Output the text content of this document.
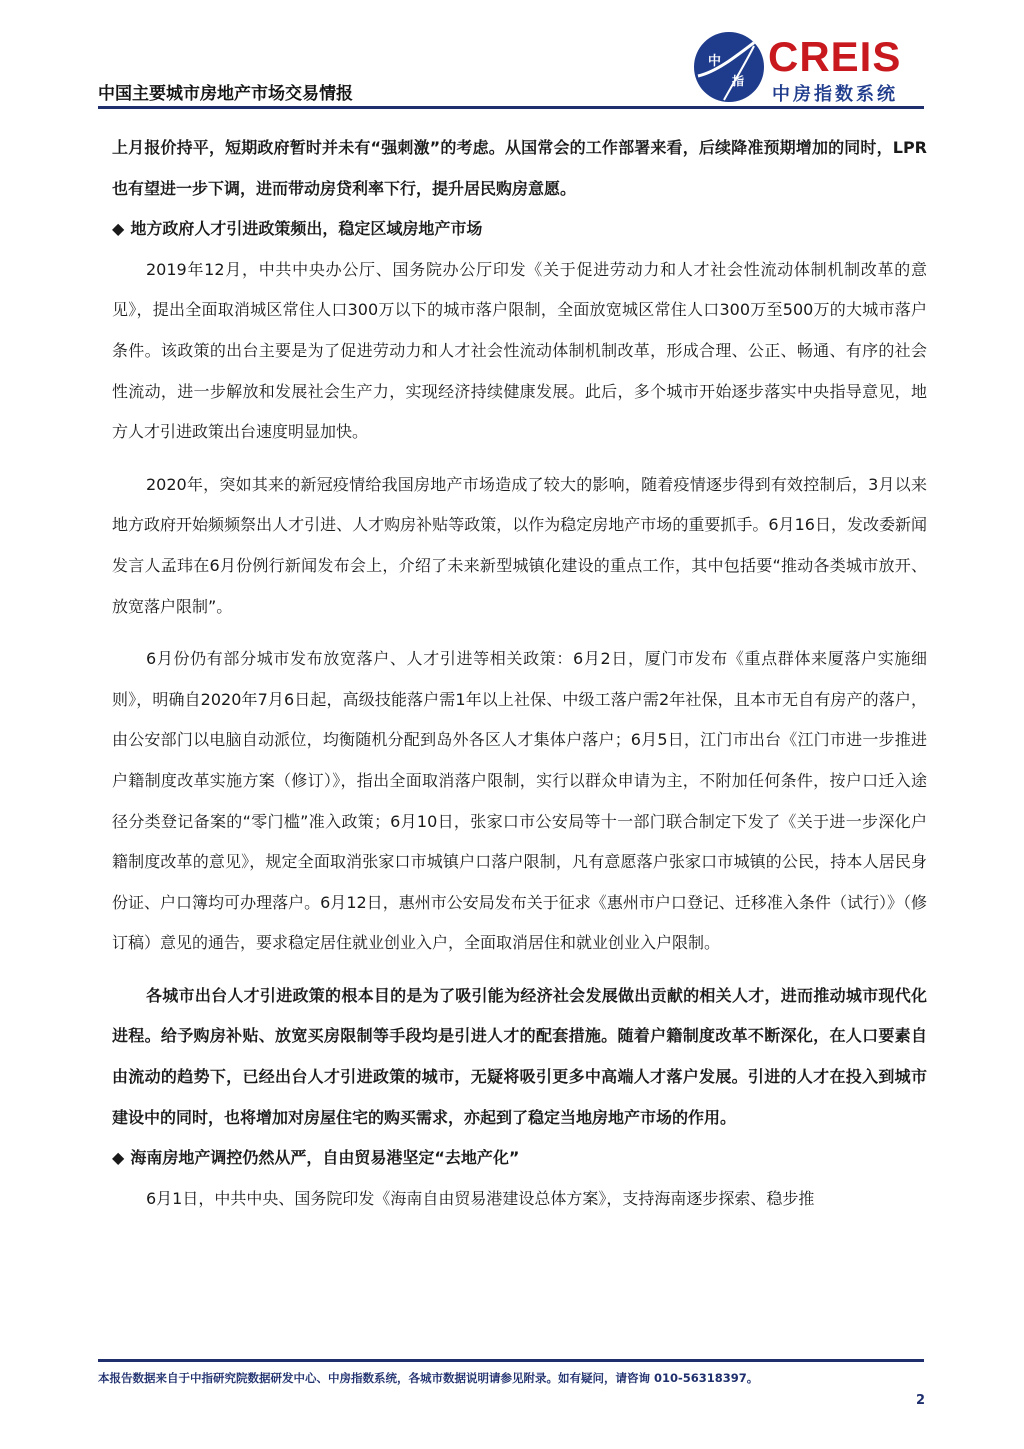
中国主要城市房地产市场交易情报
中
指
CREIS
中房指数系统

上月报价持平，短期政府暂时并未有“强刺激”的考虑。从国常会的工作部署来看，后续降准预期增加的同时，LPR也有望进一步下调，进而带动房贷利率下行，提升居民购房意愿。

◆ 地方政府人才引进政策频出，稳定区域房地产市场

2019年12月，中共中央办公厅、国务院办公厅印发《关于促进劳动力和人才社会性流动体制机制改革的意见》，提出全面取消城区常住人口300万以下的城市落户限制，全面放宽城区常住人口300万至500万的大城市落户条件。该政策的出台主要是为了促进劳动力和人才社会性流动体制机制改革，形成合理、公正、畅通、有序的社会性流动，进一步解放和发展社会生产力，实现经济持续健康发展。此后，多个城市开始逐步落实中央指导意见，地方人才引进政策出台速度明显加快。

2020年，突如其来的新冠疫情给我国房地产市场造成了较大的影响，随着疫情逐步得到有效控制后，3月以来地方政府开始频频祭出人才引进、人才购房补贴等政策，以作为稳定房地产市场的重要抓手。6月16日，发改委新闻发言人孟玮在6月份例行新闻发布会上，介绍了未来新型城镇化建设的重点工作，其中包括要“推动各类城市放开、放宽落户限制”。

6月份仍有部分城市发布放宽落户、人才引进等相关政策：6月2日，厦门市发布《重点群体来厦落户实施细则》，明确自2020年7月6日起，高级技能落户需1年以上社保、中级工落户需2年社保，且本市无自有房产的落户，由公安部门以电脑自动派位，均衡随机分配到岛外各区人才集体户落户；6月5日，江门市出台《江门市进一步推进户籍制度改革实施方案（修订）》，指出全面取消落户限制，实行以群众申请为主，不附加任何条件，按户口迁入途径分类登记备案的“零门槛”准入政策；6月10日，张家口市公安局等十一部门联合制定下发了《关于进一步深化户籍制度改革的意见》，规定全面取消张家口市城镇户口落户限制，凡有意愿落户张家口市城镇的公民，持本人居民身份证、户口簿均可办理落户。6月12日，惠州市公安局发布关于征求《惠州市户口登记、迁移准入条件（试行）》（修订稿）意见的通告，要求稳定居住就业创业入户，全面取消居住和就业创业入户限制。

各城市出台人才引进政策的根本目的是为了吸引能为经济社会发展做出贡献的相关人才，进而推动城市现代化进程。给予购房补贴、放宽买房限制等手段均是引进人才的配套措施。随着户籍制度改革不断深化，在人口要素自由流动的趋势下，已经出台人才引进政策的城市，无疑将吸引更多中高端人才落户发展。引进的人才在投入到城市建设中的同时，也将增加对房屋住宅的购买需求，亦起到了稳定当地房地产市场的作用。

◆ 海南房地产调控仍然从严，自由贸易港坚定“去地产化”

6月1日，中共中央、国务院印发《海南自由贸易港建设总体方案》，支持海南逐步探索、稳步推

本报告数据来自于中指研究院数据研发中心、中房指数系统，各城市数据说明请参见附录。如有疑问，请咨询 010-56318397。
2
